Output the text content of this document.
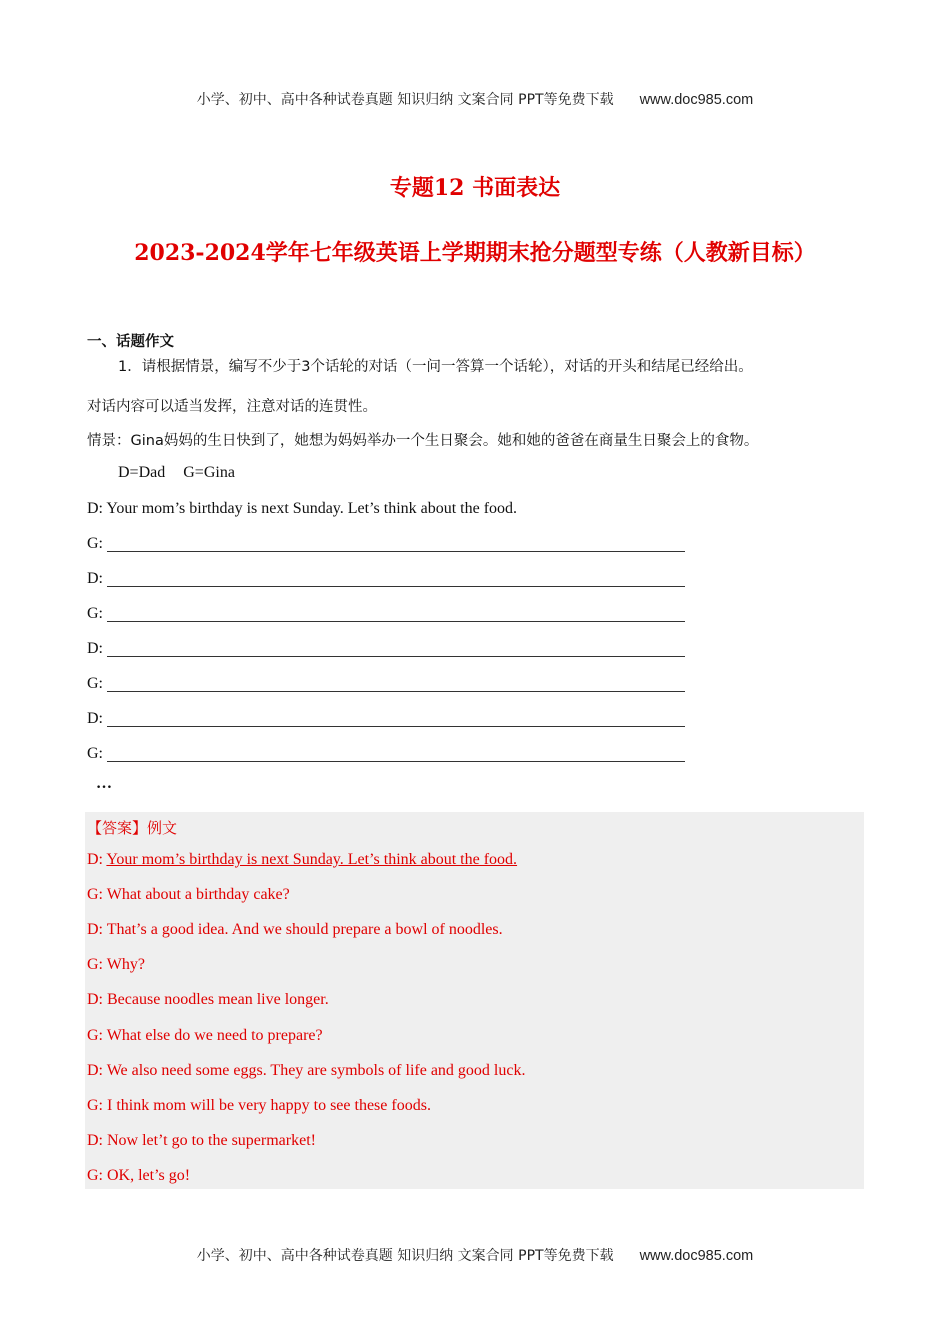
小学、初中、高中各种试卷真题 知识归纳 文案合同 PPT等免费下载 www.doc985.com
专题12 书面表达
2023-2024学年七年级英语上学期期末抢分题型专练（人教新目标）
一、话题作文
1．请根据情景，编写不少于3个话轮的对话（一问一答算一个话轮），对话的开头和结尾已经给出。
对话内容可以适当发挥，注意对话的连贯性。
情景：Gina妈妈的生日快到了，她想为妈妈举办一个生日聚会。她和她的爸爸在商量生日聚会上的食物。
D=Dad G=Gina
D: Your mom’s birthday is next Sunday. Let’s think about the food.
G:
D:
G:
D:
G:
D:
G:
…
【答案】例文
D: Your mom’s birthday is next Sunday. Let’s think about the food.
G: What about a birthday cake?
D: That’s a good idea. And we should prepare a bowl of noodles.
G: Why?
D: Because noodles mean live longer.
G: What else do we need to prepare?
D: We also need some eggs. They are symbols of life and good luck.
G: I think mom will be very happy to see these foods.
D: Now let’t go to the supermarket!
G: OK, let’s go!
小学、初中、高中各种试卷真题 知识归纳 文案合同 PPT等免费下载 www.doc985.com
